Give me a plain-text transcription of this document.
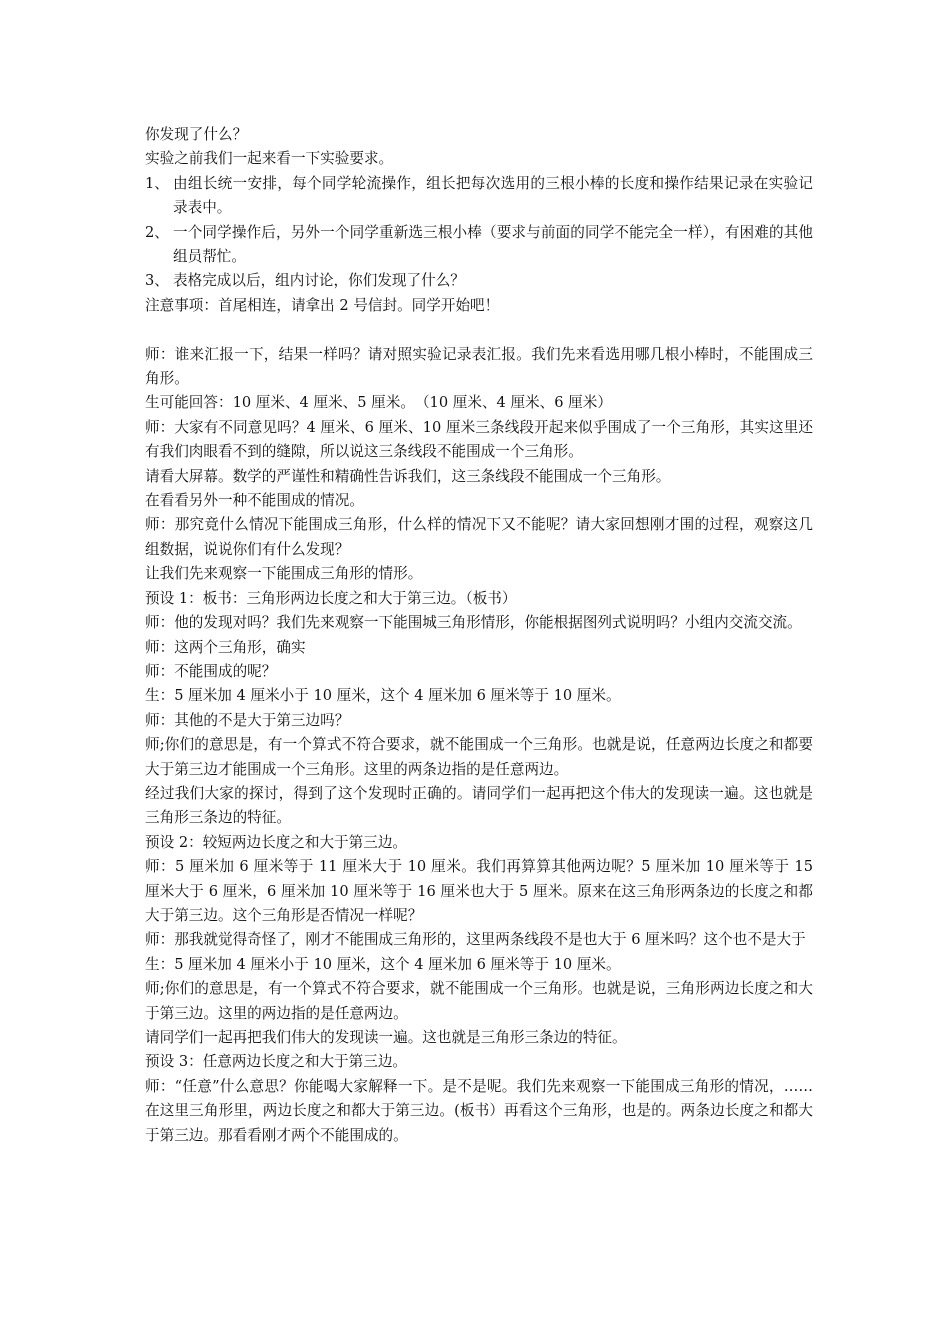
你发现了什么？

实验之前我们一起来看一下实验要求。

1、 由组长统一安排，每个同学轮流操作，组长把每次选用的三根小棒的长度和操作结果记录在实验记录表中。
2、 一个同学操作后，另外一个同学重新选三根小棒（要求与前面的同学不能完全一样），有困难的其他组员帮忙。
3、 表格完成以后，组内讨论，你们发现了什么？

注意事项：首尾相连，请拿出 2 号信封。同学开始吧！

师：谁来汇报一下，结果一样吗？请对照实验记录表汇报。我们先来看选用哪几根小棒时，不能围成三角形。

生可能回答：10 厘米、4 厘米、5 厘米。　（10 厘米、4 厘米、6 厘米）

师：大家有不同意见吗？4 厘米、6 厘米、10 厘米三条线段开起来似乎围成了一个三角形，其实这里还有我们肉眼看不到的缝隙，所以说这三条线段不能围成一个三角形。

请看大屏幕。数学的严谨性和精确性告诉我们，这三条线段不能围成一个三角形。

在看看另外一种不能围成的情况。

师：那究竟什么情况下能围成三角形，什么样的情况下又不能呢？请大家回想刚才围的过程，观察这几组数据，说说你们有什么发现？

让我们先来观察一下能围成三角形的情形。

预设 1：板书：三角形两边长度之和大于第三边。（板书）

师：他的发现对吗？我们先来观察一下能围城三角形情形，你能根据图列式说明吗？小组内交流交流。

师：这两个三角形，确实

师：不能围成的呢？

生：5 厘米加 4 厘米小于 10 厘米，这个 4 厘米加 6 厘米等于 10 厘米。

师：其他的不是大于第三边吗？

师;你们的意思是，有一个算式不符合要求，就不能围成一个三角形。也就是说，任意两边长度之和都要大于第三边才能围成一个三角形。这里的两条边指的是任意两边。

经过我们大家的探讨，得到了这个发现时正确的。请同学们一起再把这个伟大的发现读一遍。这也就是三角形三条边的特征。

预设 2：较短两边长度之和大于第三边。

师：5 厘米加 6 厘米等于 11 厘米大于 10 厘米。我们再算算其他两边呢？5 厘米加 10 厘米等于 15 厘米大于 6 厘米，6 厘米加 10 厘米等于 16 厘米也大于 5 厘米。原来在这三角形两条边的长度之和都大于第三边。这个三角形是否情况一样呢？

师：那我就觉得奇怪了，刚才不能围成三角形的，这里两条线段不是也大于 6 厘米吗？这个也不是大于

生：5 厘米加 4 厘米小于 10 厘米，这个 4 厘米加 6 厘米等于 10 厘米。

师;你们的意思是，有一个算式不符合要求，就不能围成一个三角形。也就是说，三角形两边长度之和大于第三边。这里的两边指的是任意两边。

请同学们一起再把我们伟大的发现读一遍。这也就是三角形三条边的特征。

预设 3：任意两边长度之和大于第三边。

师：“任意”什么意思？你能喝大家解释一下。是不是呢。我们先来观察一下能围成三角形的情况，……在这里三角形里，两边长度之和都大于第三边。(板书）再看这个三角形，也是的。两条边长度之和都大于第三边。那看看刚才两个不能围成的。
